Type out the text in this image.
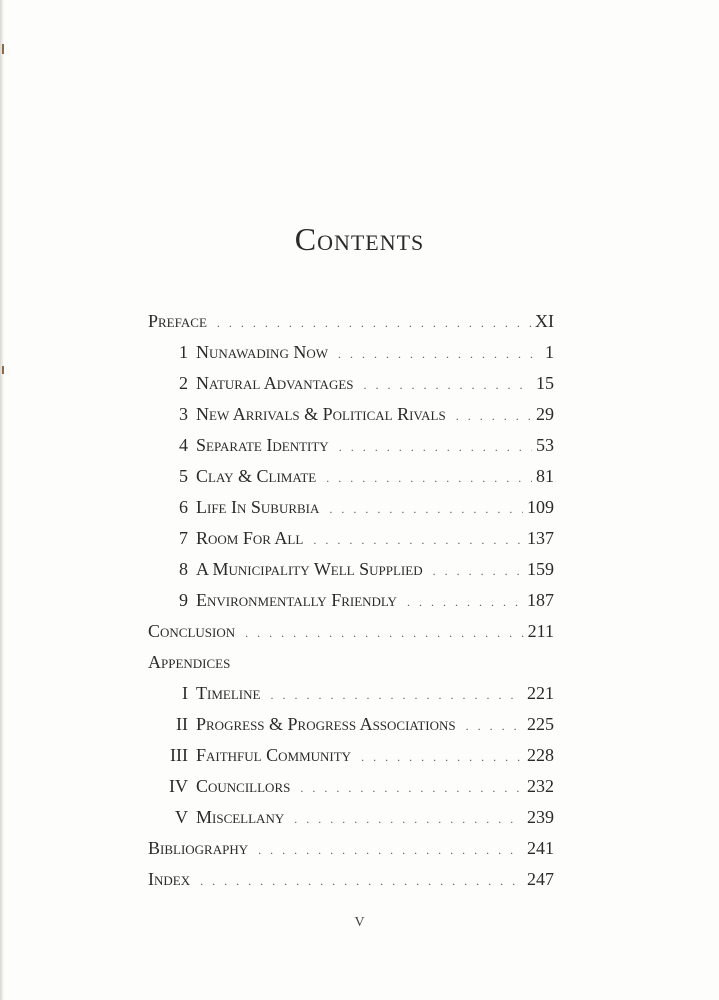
Contents
Preface . . .	XI
1 Nunawading Now . . .	1
2 Natural Advantages . . .	15
3 New Arrivals & Political Rivals . . .	29
4 Separate Identity . . .	53
5 Clay & Climate . . .	81
6 Life In Suburbia . . .	109
7 Room For All . . .	137
8 A Municipality Well Supplied . . .	159
9 Environmentally Friendly . . .	187
Conclusion . . .	211
Appendices
I Timeline . . .	221
II Progress & Progress Associations . . .	225
III Faithful Community . . .	228
IV Councillors . . .	232
V Miscellany . . .	239
Bibliography . . .	241
Index . . .	247
V
